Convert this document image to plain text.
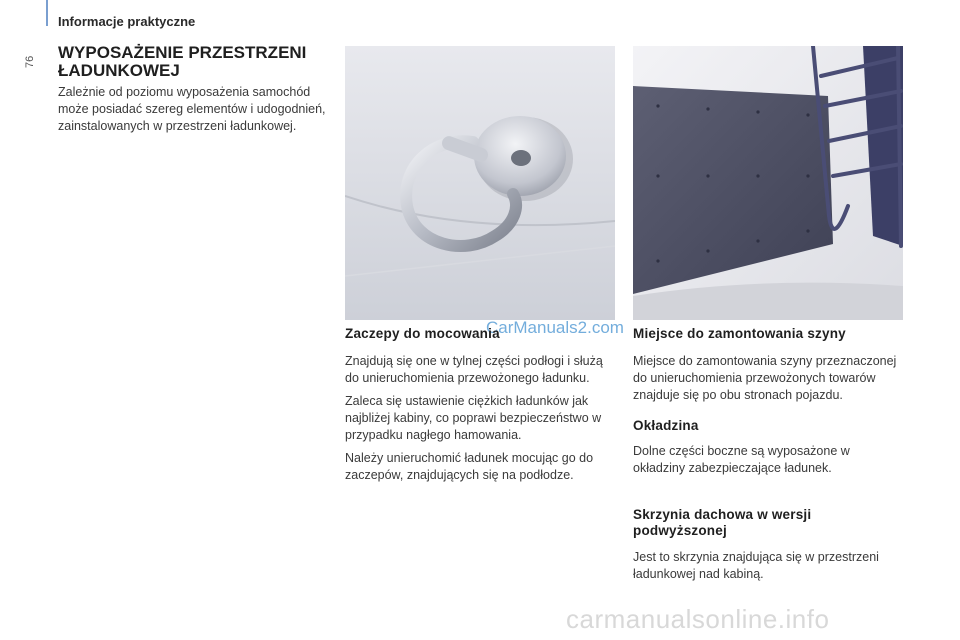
Informacje praktyczne
76 WYPOSAŻENIE PRZESTRZENI ŁADUNKOWEJ

Zależnie od poziomu wyposażenia samochód może posiadać szereg elementów i udogodnień, zainstalowanych w przestrzeni ładunkowej.

CarManuals2.com

Zaczepy do mocowania

Znajdują się one w tylnej części podłogi i służą do unieruchomienia przewożonego ładunku.

Zaleca się ustawienie ciężkich ładunków jak najbliżej kabiny, co poprawi bezpieczeństwo w przypadku nagłego hamowania.

Należy unieruchomić ładunek mocując go do zaczepów, znajdujących się na podłodze.

Miejsce do zamontowania szyny

Miejsce do zamontowania szyny przeznaczonej do unieruchomienia przewożonych towarów znajduje się po obu stronach pojazdu.

Okładzina

Dolne części boczne są wyposażone w okładziny zabezpieczające ładunek.

Skrzynia dachowa w wersji podwyższonej

Jest to skrzynia znajdująca się w przestrzeni ładunkowej nad kabiną.

carmanualsonline.info
